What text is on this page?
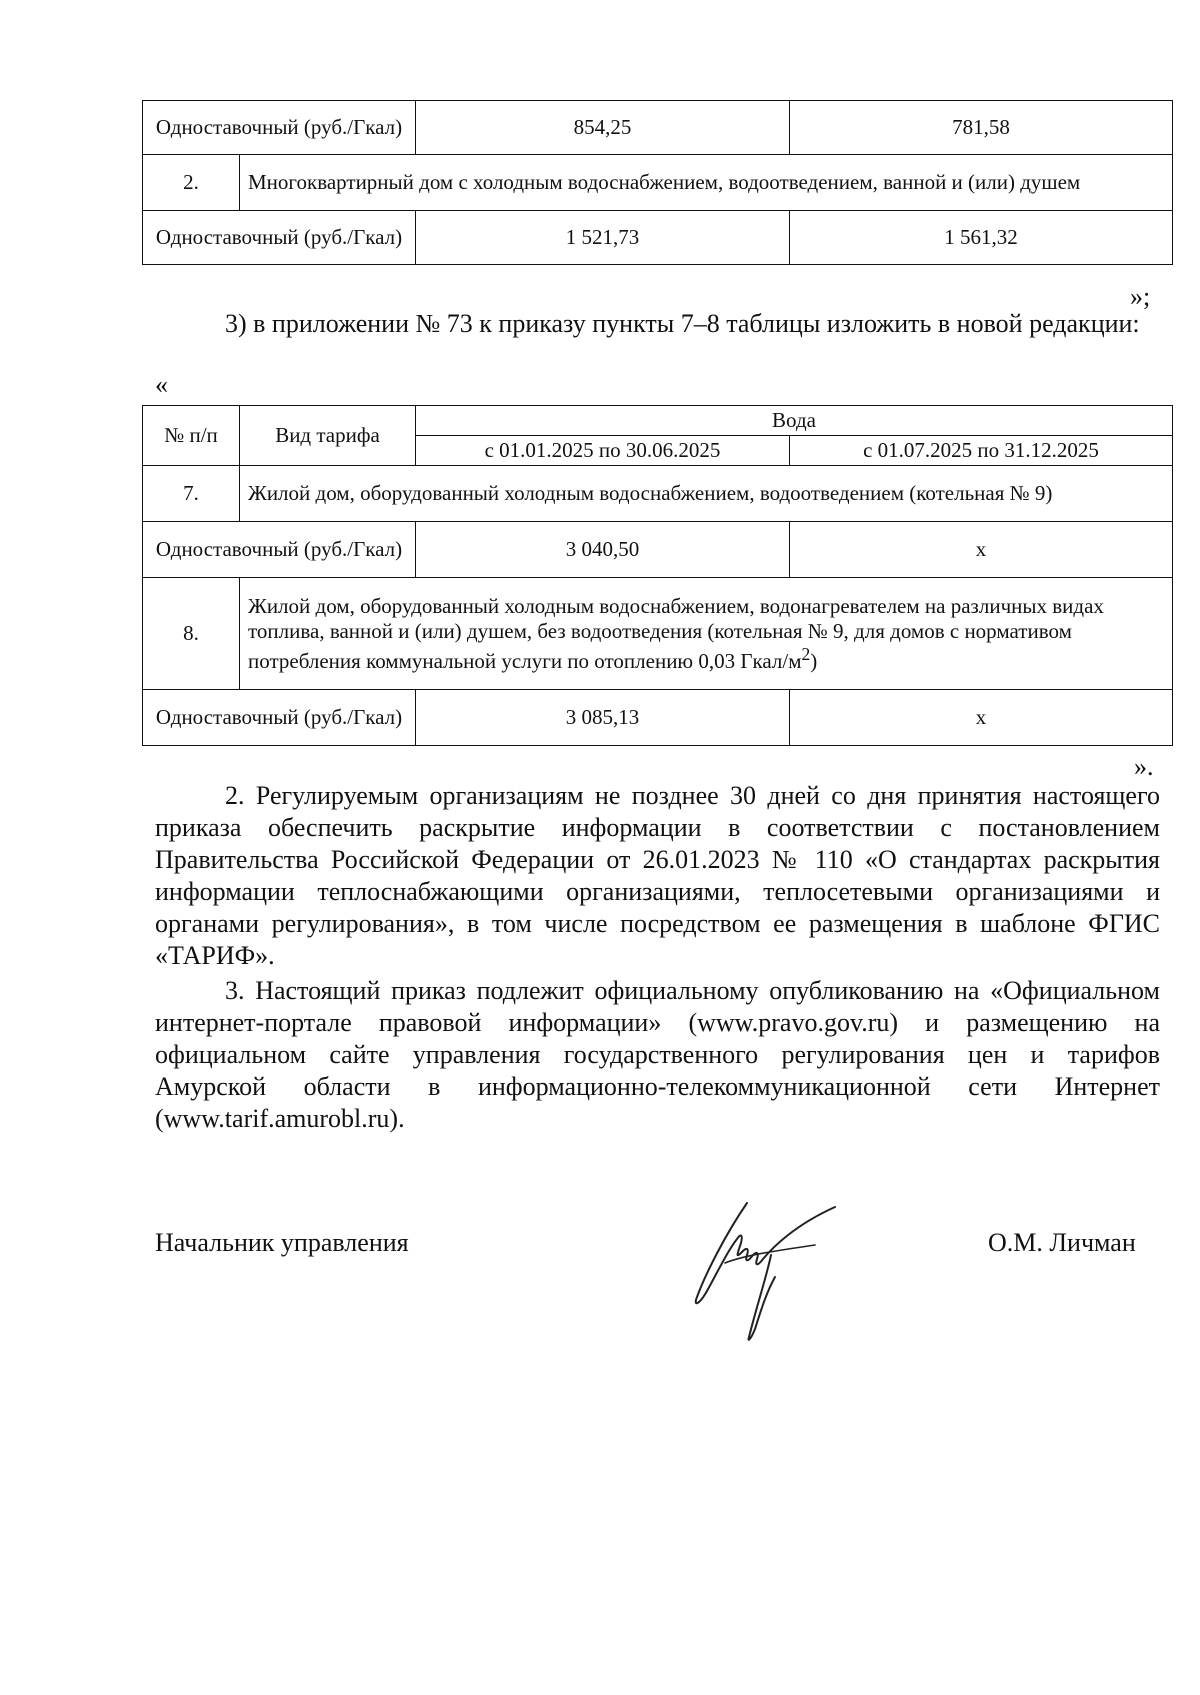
Одноставочный (руб./Гкал)		854,25	781,58
2.	Многоквартирный дом с холодным водоснабжением, водоотведением, ванной и (или) душем		
Одноставочный (руб./Гкал)		1 521,73	1 561,32
»;

3) в приложении № 73 к приказу пункты 7–8 таблицы изложить в новой редакции:

«
№ п/п	Вид тарифа	Вода	
		с 01.01.2025 по 30.06.2025	с 01.07.2025 по 31.12.2025
7.	Жилой дом, оборудованный холодным водоснабжением, водоотведением (котельная № 9)		
Одноставочный (руб./Гкал)		3 040,50	х
8.	Жилой дом, оборудованный холодным водоснабжением, водонагревателем на различных видах топлива, ванной и (или) душем, без водоотведения (котельная № 9, для домов с нормативом потребления коммунальной услуги по отоплению 0,03 Гкал/$м^2$)		
Одноставочный (руб./Гкал)		3 085,13	х
».

2. Регулируемым организациям не позднее 30 дней со дня принятия настоящего приказа обеспечить раскрытие информации в соответствии с постановлением Правительства Российской Федерации от 26.01.2023 № 110 «О стандартах раскрытия информации теплоснабжающими организациями, теплосетевыми организациями и органами регулирования», в том числе посредством ее размещения в шаблоне ФГИС «ТАРИФ».

3. Настоящий приказ подлежит официальному опубликованию на «Официальном интернет-портале правовой информации» (www.pravo.gov.ru) и размещению на официальном сайте управления государственного регулирования цен и тарифов Амурской области в информационно-телекоммуникационной сети Интернет (www.tarif.amurobl.ru).

Начальник управления	О.М. Личман
